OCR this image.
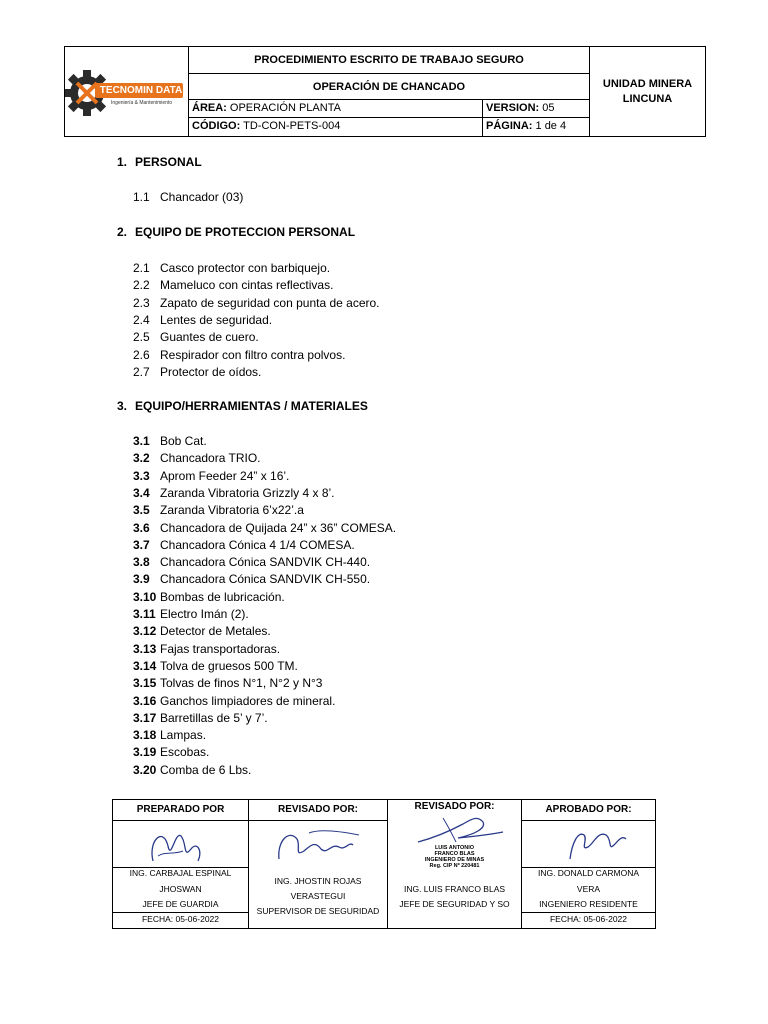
TECNOMIN DATA
Ingeniería & Mantenimiento
PROCEDIMIENTO ESCRITO DE TRABAJO SEGURO
OPERACIÓN DE CHANCADO
ÁREA: OPERACIÓN PLANTA	VERSION: 05
CÓDIGO: TD-CON-PETS-004	PÁGINA: 1 de 4
UNIDAD MINERA
LINCUNA
1. PERSONAL
1.1 Chancador (03)
2. EQUIPO DE PROTECCION PERSONAL
2.1 Casco protector con barbiquejo.
2.2 Mameluco con cintas reflectivas.
2.3 Zapato de seguridad con punta de acero.
2.4 Lentes de seguridad.
2.5 Guantes de cuero.
2.6 Respirador con filtro contra polvos.
2.7 Protector de oídos.
3. EQUIPO/HERRAMIENTAS / MATERIALES
3.1 Bob Cat.
3.2 Chancadora TRIO.
3.3 Aprom Feeder 24” x 16’.
3.4 Zaranda Vibratoria Grizzly 4 x 8’.
3.5 Zaranda Vibratoria 6’x22’.a
3.6 Chancadora de Quijada 24” x 36” COMESA.
3.7 Chancadora Cónica 4 1/4 COMESA.
3.8 Chancadora Cónica SANDVIK CH-440.
3.9 Chancadora Cónica SANDVIK CH-550.
3.10 Bombas de lubricación.
3.11 Electro Imán (2).
3.12 Detector de Metales.
3.13 Fajas transportadoras.
3.14 Tolva de gruesos 500 TM.
3.15 Tolvas de finos N°1, N°2 y N°3
3.16 Ganchos limpiadores de mineral.
3.17 Barretillas de 5’ y 7’.
3.18 Lampas.
3.19 Escobas.
3.20 Comba de 6 Lbs.
PREPARADO POR
ING. CARBAJAL ESPINAL
JHOSWAN
JEFE DE GUARDIA
FECHA: 05-06-2022
REVISADO POR:
ING. JHOSTIN ROJAS
VERASTEGUI
SUPERVISOR DE SEGURIDAD
REVISADO POR:
LUIS ANTONIO
FRANCO BLAS
INGENIERO DE MINAS
Reg. CIP Nº 220481
ING. LUIS FRANCO BLAS
JEFE DE SEGURIDAD Y SO
APROBADO POR:
ING. DONALD CARMONA
VERA
INGENIERO RESIDENTE
FECHA: 05-06-2022
